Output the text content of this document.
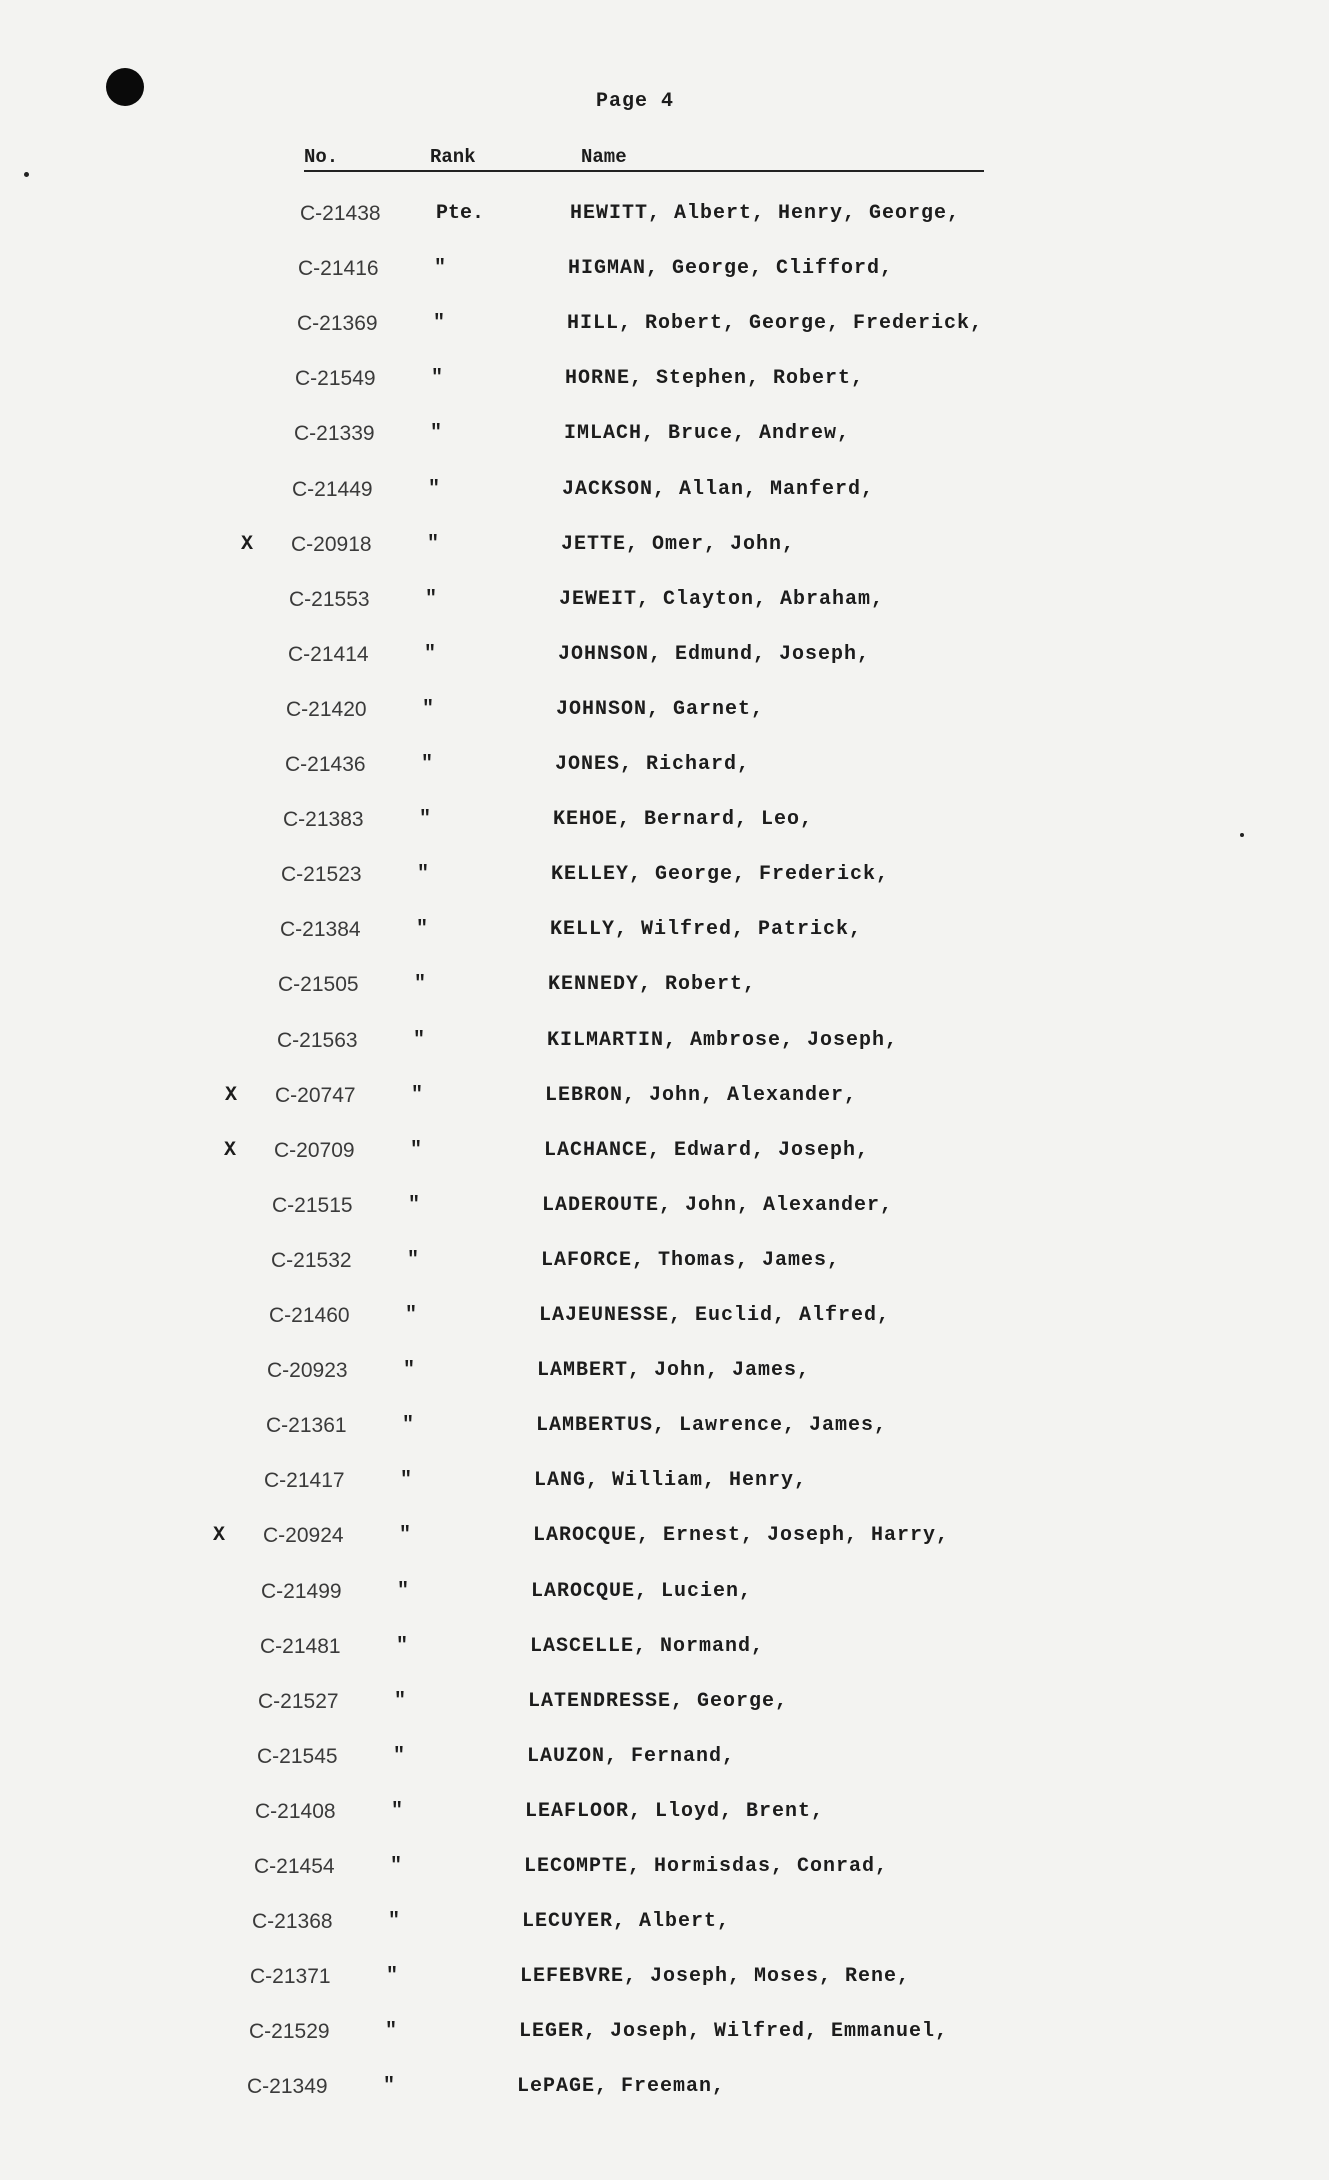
Page 4
No.	Rank	Name
C-21438	Pte.	HEWITT, Albert, Henry, George,
C-21416	"	HIGMAN, George, Clifford,
C-21369	"	HILL, Robert, George, Frederick,
C-21549	"	HORNE, Stephen, Robert,
C-21339	"	IMLACH, Bruce, Andrew,
C-21449	"	JACKSON, Allan, Manferd,
X	C-20918	"	JETTE, Omer, John,
C-21553	"	JEWEIT, Clayton, Abraham,
C-21414	"	JOHNSON, Edmund, Joseph,
C-21420	"	JOHNSON, Garnet,
C-21436	"	JONES, Richard,
C-21383	"	KEHOE, Bernard, Leo,
C-21523	"	KELLEY, George, Frederick,
C-21384	"	KELLY, Wilfred, Patrick,
C-21505	"	KENNEDY, Robert,
C-21563	"	KILMARTIN, Ambrose, Joseph,
X	C-20747	"	LEBRON, John, Alexander,
X	C-20709	"	LACHANCE, Edward, Joseph,
C-21515	"	LADEROUTE, John, Alexander,
C-21532	"	LAFORCE, Thomas, James,
C-21460	"	LAJEUNESSE, Euclid, Alfred,
C-20923	"	LAMBERT, John, James,
C-21361	"	LAMBERTUS, Lawrence, James,
C-21417	"	LANG, William, Henry,
X	C-20924	"	LAROCQUE, Ernest, Joseph, Harry,
C-21499	"	LAROCQUE, Lucien,
C-21481	"	LASCELLE, Normand,
C-21527	"	LATENDRESSE, George,
C-21545	"	LAUZON, Fernand,
C-21408	"	LEAFLOOR, Lloyd, Brent,
C-21454	"	LECOMPTE, Hormisdas, Conrad,
C-21368	"	LECUYER, Albert,
C-21371	"	LEFEBVRE, Joseph, Moses, Rene,
C-21529	"	LEGER, Joseph, Wilfred, Emmanuel,
C-21349	"	LePAGE, Freeman,
